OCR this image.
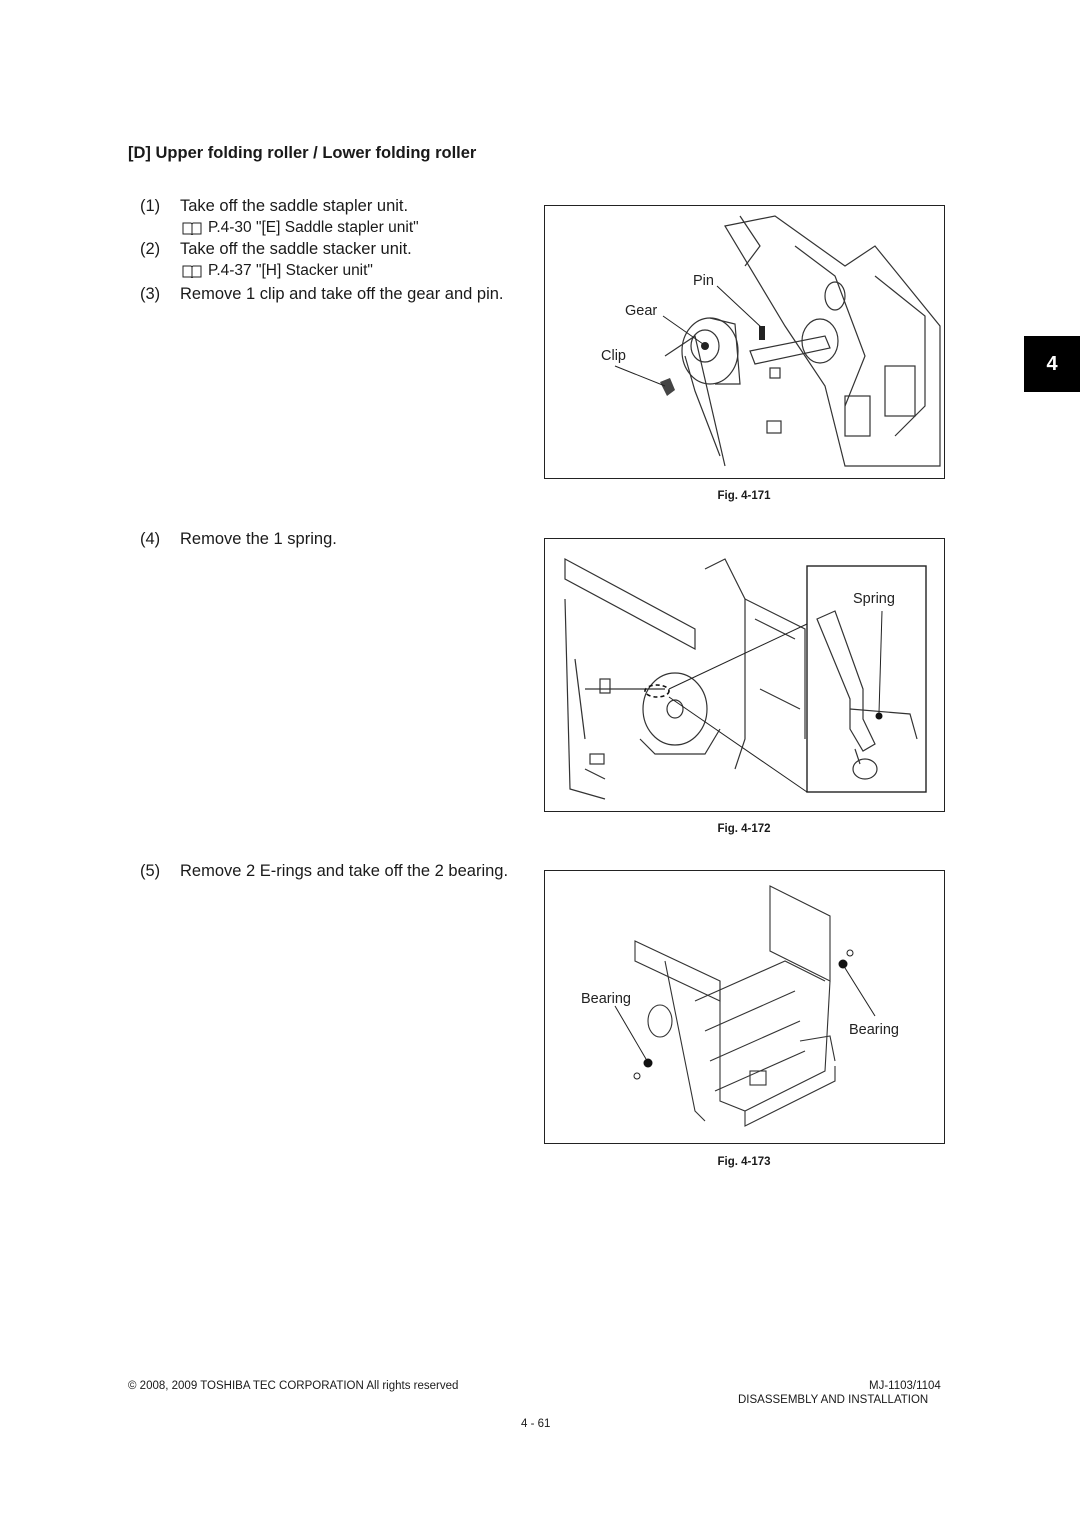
[D] Upper folding roller / Lower folding roller
(1) Take off the saddle stapler unit.
P.4-30 "[E] Saddle stapler unit"
(2) Take off the saddle stacker unit.
P.4-37 "[H] Stacker unit"
(3) Remove 1 clip and take off the gear and pin.
Pin
Gear
Clip
Fig. 4-171
(4) Remove the 1 spring.
Spring
Fig. 4-172
(5) Remove 2 E-rings and take off the 2 bearing.
Bearing
Bearing
Fig. 4-173
4
© 2008, 2009 TOSHIBA TEC CORPORATION All rights reserved	MJ-1103/1104
DISASSEMBLY AND INSTALLATION
4 - 61
